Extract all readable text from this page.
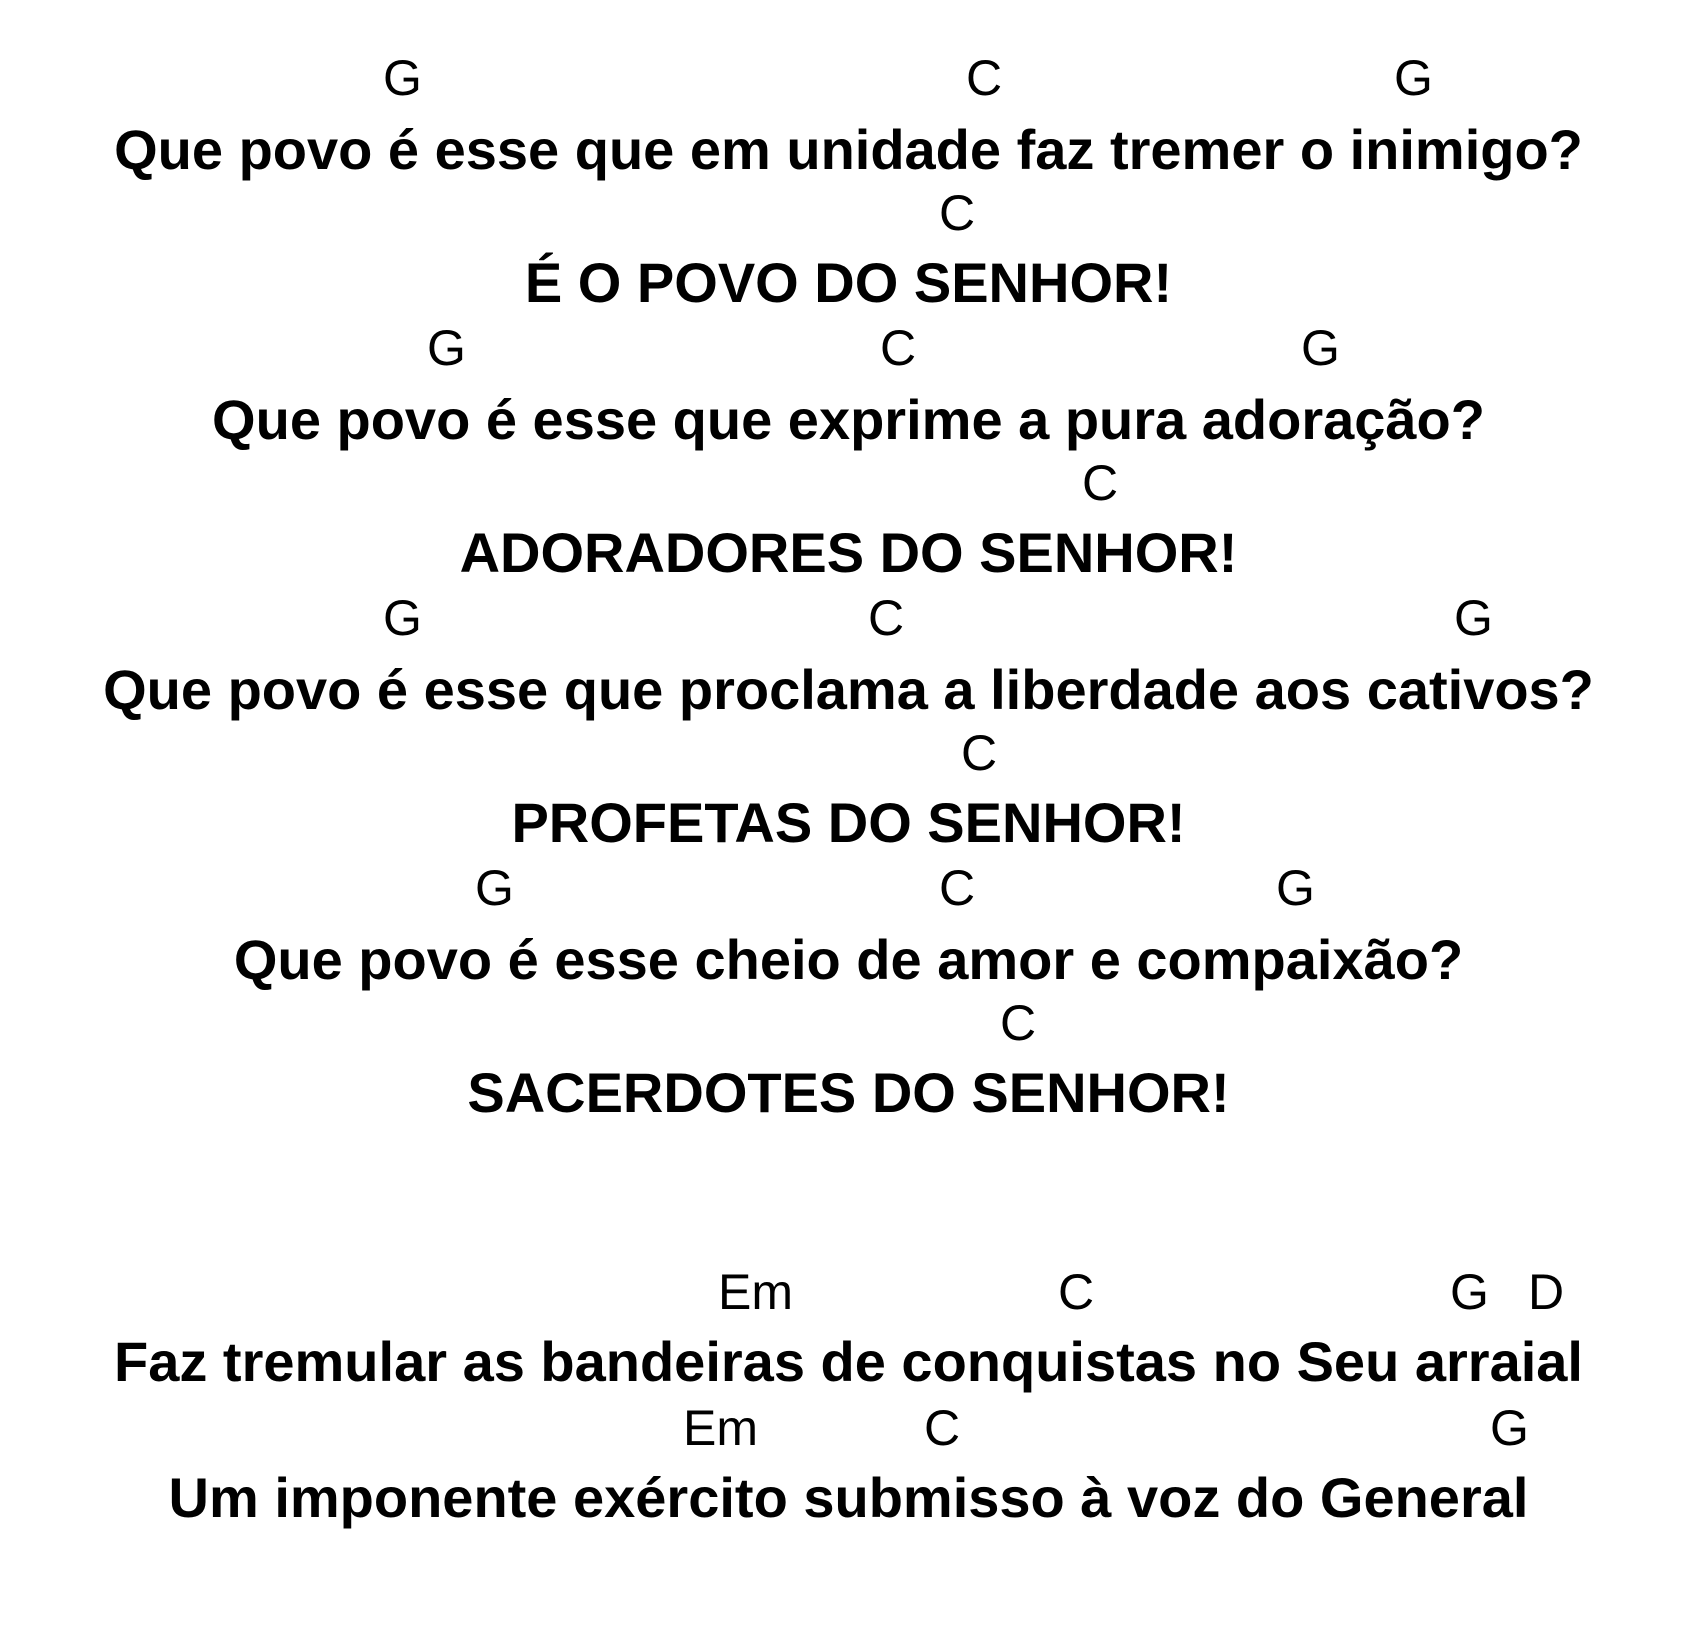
G	C	G
Que povo é esse que em unidade faz tremer o inimigo?
C
É O POVO DO SENHOR!
G	C	G
Que povo é esse que exprime a pura adoração?
C
ADORADORES DO SENHOR!
G	C	G
Que povo é esse que proclama a liberdade aos cativos?
C
PROFETAS DO SENHOR!
G	C	G
Que povo é esse cheio de amor e compaixão?
C
SACERDOTES DO SENHOR!
Em	C	G D
Faz tremular as bandeiras de conquistas no Seu arraial
Em	C	G
Um imponente exército submisso à voz do General
